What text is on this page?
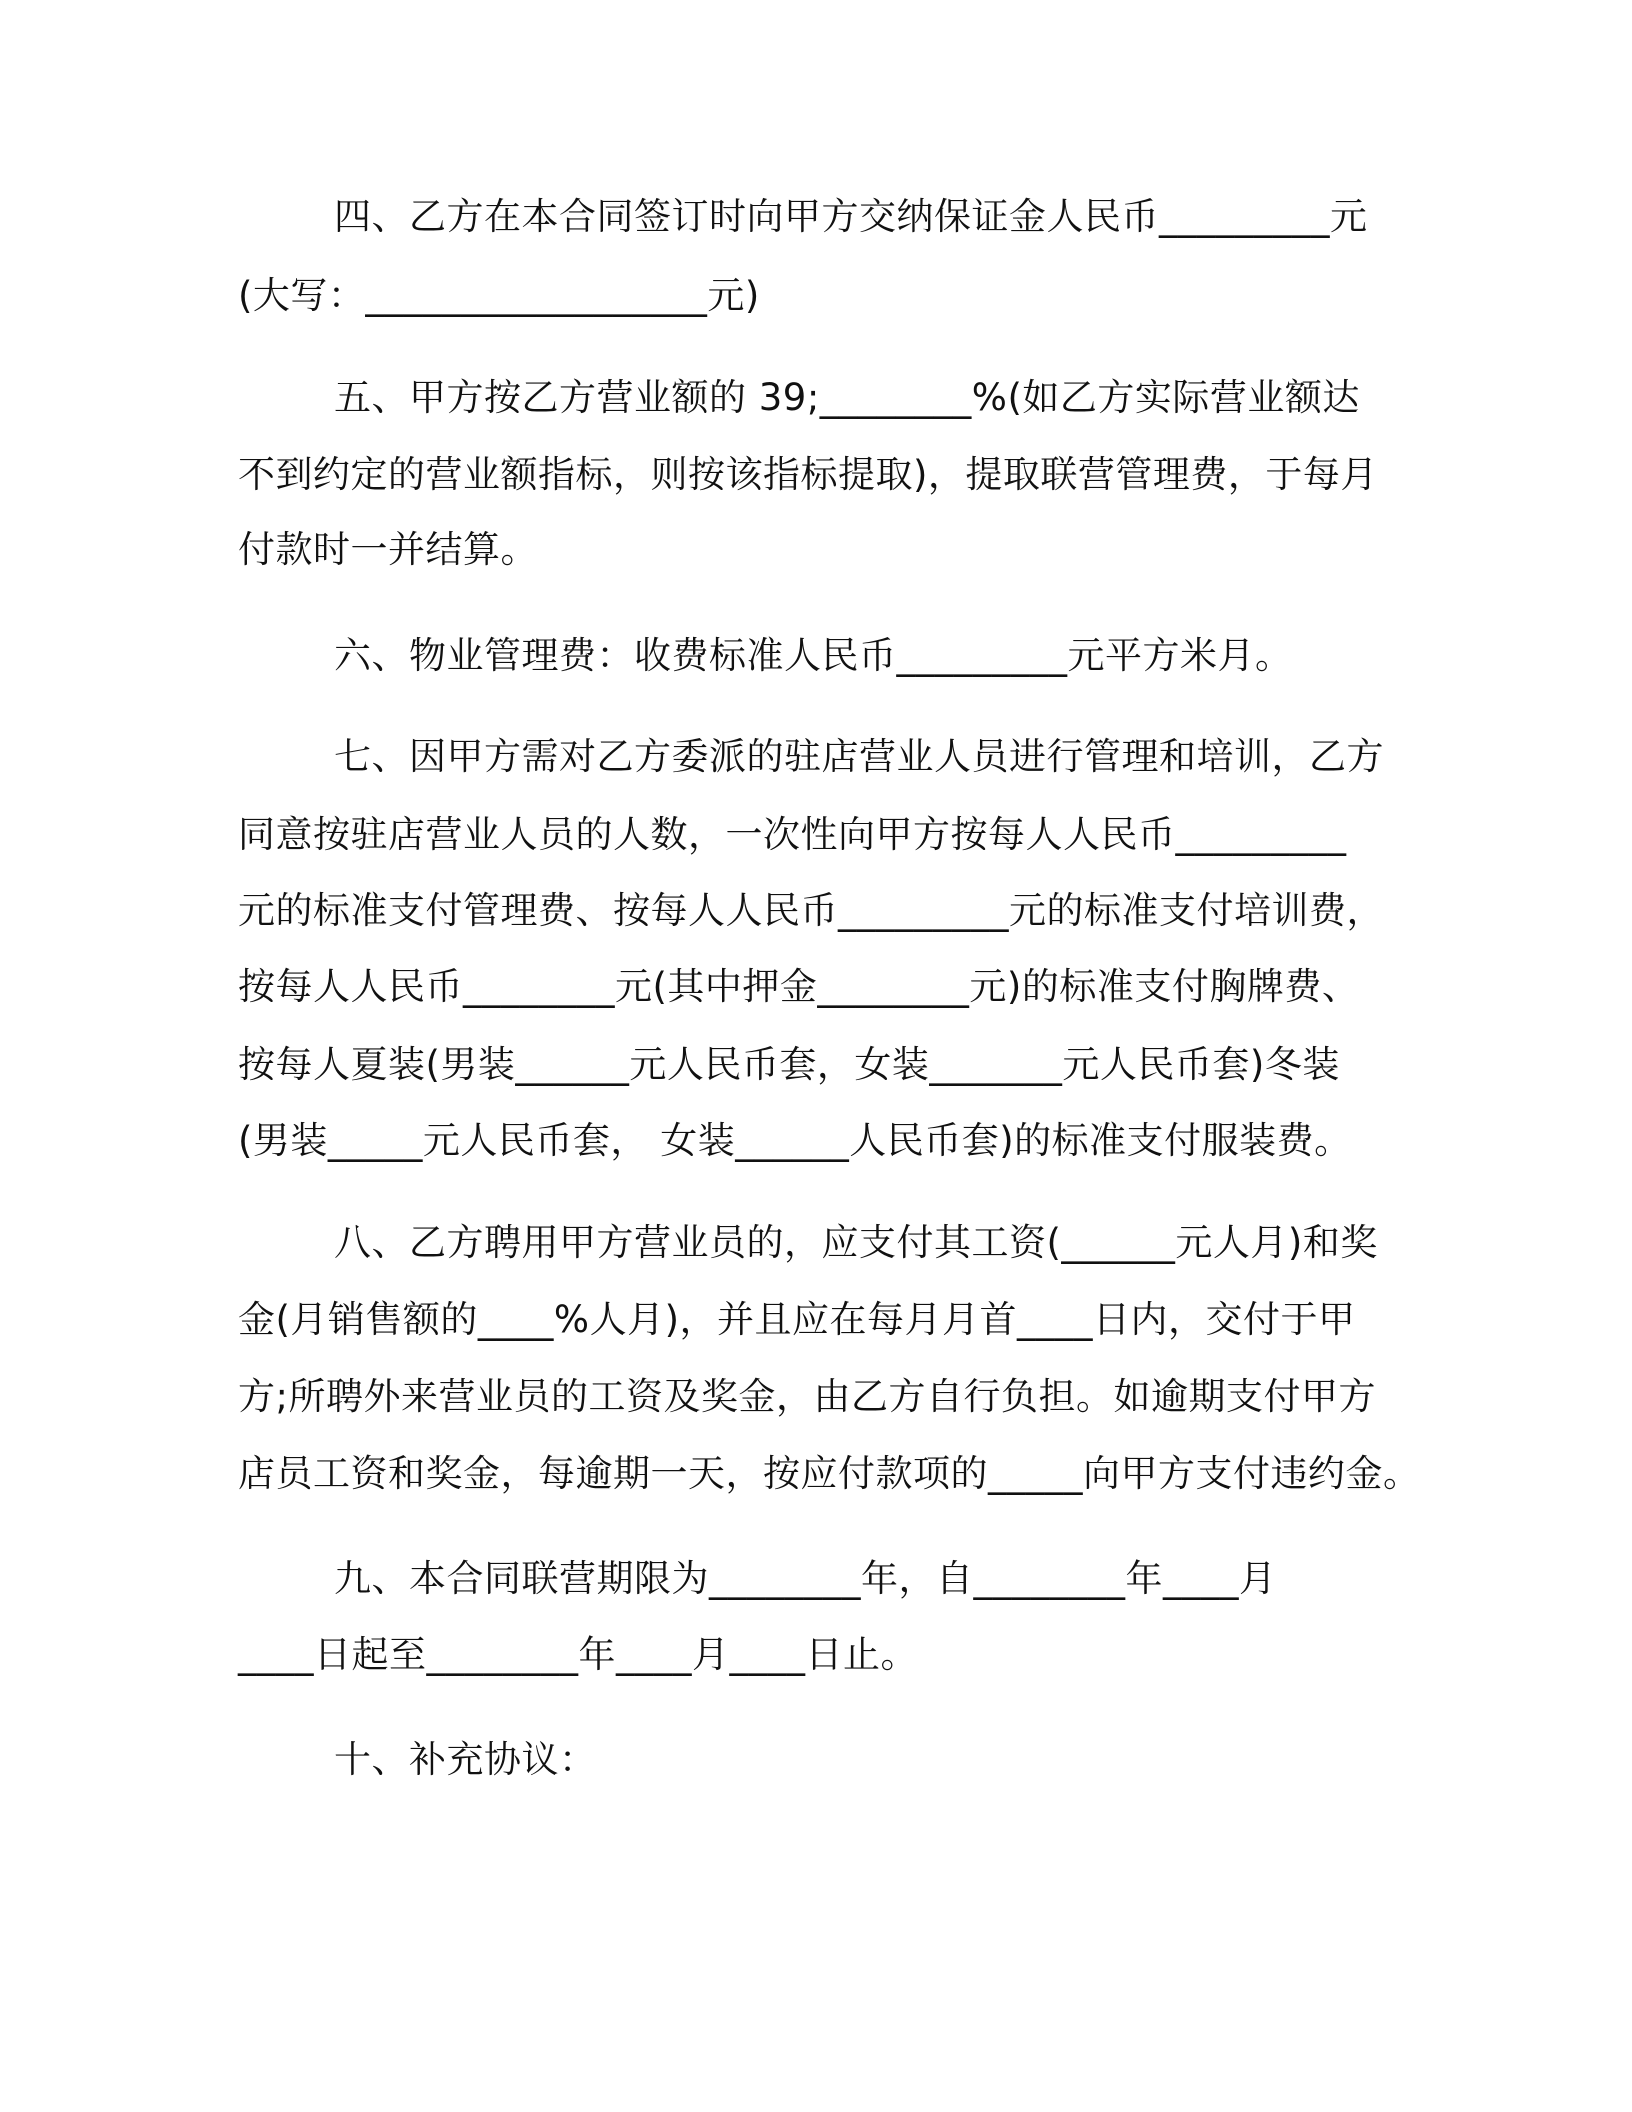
四、乙方在本合同签订时向甲方交纳保证金人民币_________元
(大写：__________________元)
五、甲方按乙方营业额的 39;________%(如乙方实际营业额达
不到约定的营业额指标，则按该指标提取)，提取联营管理费，于每月
付款时一并结算。
六、物业管理费：收费标准人民币_________元平方米月。
七、因甲方需对乙方委派的驻店营业人员进行管理和培训，乙方
同意按驻店营业人员的人数，一次性向甲方按每人人民币_________
元的标准支付管理费、按每人人民币_________元的标准支付培训费，
按每人人民币________元(其中押金________元)的标准支付胸牌费、
按每人夏装(男装______元人民币套，女装_______元人民币套)冬装
(男装_____元人民币套， 女装______人民币套)的标准支付服装费。
八、乙方聘用甲方营业员的，应支付其工资(______元人月)和奖
金(月销售额的____%人月)，并且应在每月月首____日内，交付于甲
方;所聘外来营业员的工资及奖金，由乙方自行负担。如逾期支付甲方
店员工资和奖金，每逾期一天，按应付款项的_____向甲方支付违约金。
九、本合同联营期限为________年，自________年____月
____日起至________年____月____日止。
十、补充协议：
